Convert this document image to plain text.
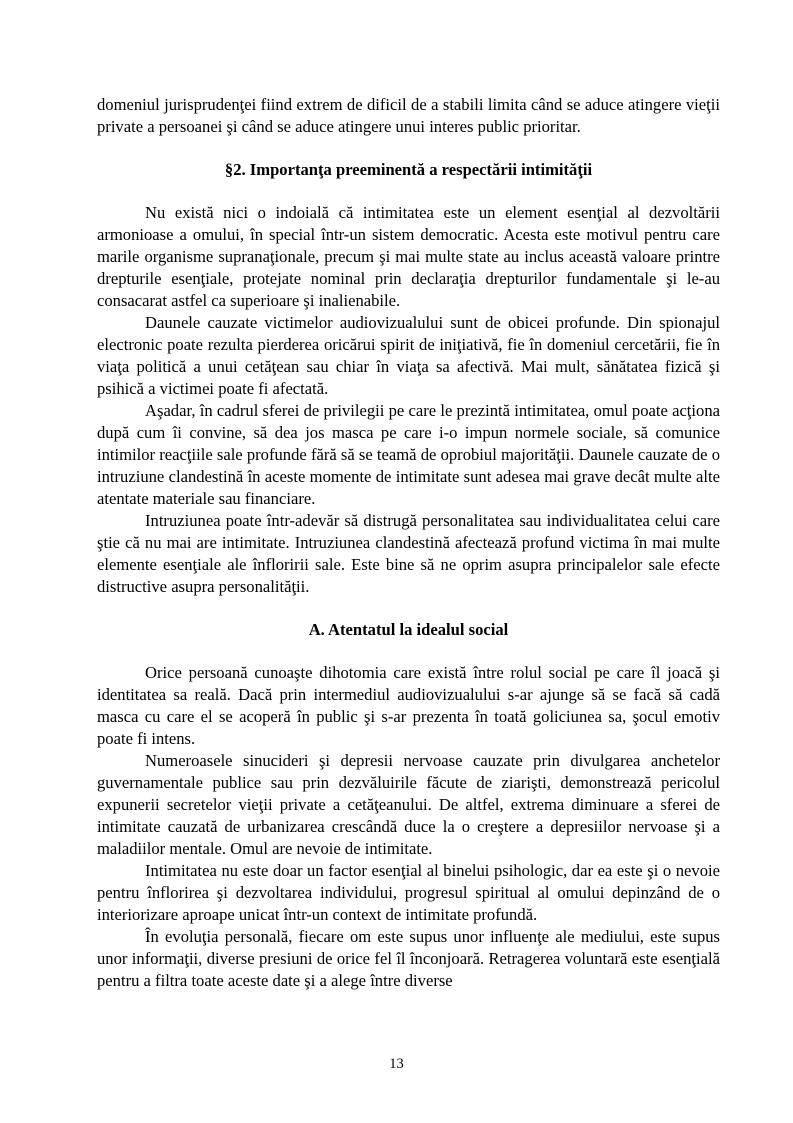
domeniul jurisprudenţei fiind extrem de dificil de a stabili limita când se aduce atingere vieţii private a persoanei şi când se aduce atingere unui interes public prioritar.

§2. Importanţa preeminentă a respectării intimităţii

Nu există nici o indoială că intimitatea este un element esenţial al dezvoltării armonioase a omului, în special într-un sistem democratic. Acesta este motivul pentru care marile organisme supranaţionale, precum şi mai multe state au inclus această valoare printre drepturile esenţiale, protejate nominal prin declaraţia drepturilor fundamentale şi le-au consacarat astfel ca superioare şi inalienabile.

Daunele cauzate victimelor audiovizualului sunt de obicei profunde. Din spionajul electronic poate rezulta pierderea oricărui spirit de iniţiativă, fie în domeniul cercetării, fie în viaţa politică a unui cetăţean sau chiar în viaţa sa afectivă. Mai mult, sănătatea fizică şi psihică a victimei poate fi afectată.

Aşadar, în cadrul sferei de privilegii pe care le prezintă intimitatea, omul poate acţiona după cum îi convine, să dea jos masca pe care i-o impun normele sociale, să comunice intimilor reacţiile sale profunde fără să se teamă de oprobiul majorităţii. Daunele cauzate de o intruziune clandestină în aceste momente de intimitate sunt adesea mai grave decât multe alte atentate materiale sau financiare.

Intruziunea poate într-adevăr să distrugă personalitatea sau individualitatea celui care ştie că nu mai are intimitate. Intruziunea clandestină afectează profund victima în mai multe elemente esenţiale ale înfloririi sale. Este bine să ne oprim asupra principalelor sale efecte distructive asupra personalităţii.

A. Atentatul la idealul social

Orice persoană cunoaşte dihotomia care există între rolul social pe care îl joacă şi identitatea sa reală. Dacă prin intermediul audiovizualului s-ar ajunge să se facă să cadă masca cu care el se acoperă în public şi s-ar prezenta în toată goliciunea sa, şocul emotiv poate fi intens.

Numeroasele sinucideri şi depresii nervoase cauzate prin divulgarea anchetelor guvernamentale publice sau prin dezvăluirile făcute de ziarişti, demonstrează pericolul expunerii secretelor vieţii private a cetăţeanului. De altfel, extrema diminuare a sferei de intimitate cauzată de urbanizarea crescândă duce la o creştere a depresiilor nervoase şi a maladiilor mentale. Omul are nevoie de intimitate.

Intimitatea nu este doar un factor esenţial al binelui psihologic, dar ea este şi o nevoie pentru înflorirea şi dezvoltarea individului, progresul spiritual al omului depinzând de o interiorizare aproape unicat într-un context de intimitate profundă.

În evoluţia personală, fiecare om este supus unor influenţe ale mediului, este supus unor informaţii, diverse presiuni de orice fel îl înconjoară. Retragerea voluntară este esenţială pentru a filtra toate aceste date şi a alege între diverse

13
